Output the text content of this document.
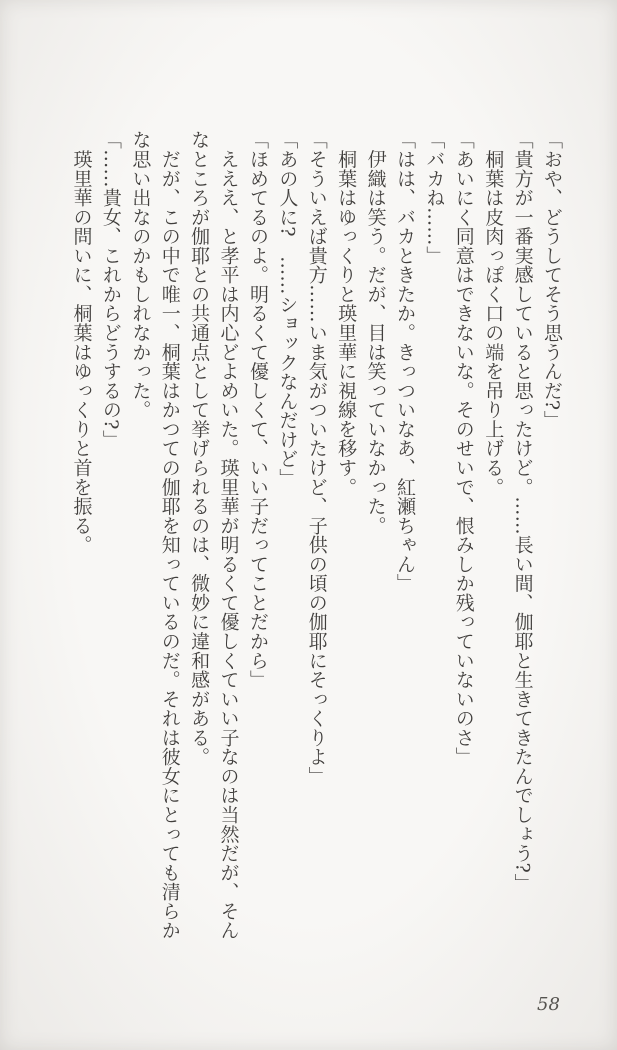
「おや、どうしてそう思うんだ?」

「貴方が一番実感していると思ったけど。……長い間、伽耶と生きてきたんでしょう?」

　桐葉は皮肉っぽく口の端を吊り上げる。

「あいにく同意はできないな。そのせいで、恨みしか残っていないのさ」

「バカね……」

「はは、バカときたか。きっついなあ、紅瀬ちゃん」

　伊織は笑う。だが、目は笑っていなかった。

　桐葉はゆっくりと瑛里華に視線を移す。

「そういえば貴方……いま気がついたけど、子供の頃の伽耶にそっくりよ」

「あの人に?　……ショックなんだけど」

「ほめてるのよ。明るくて優しくて、いい子だってことだから」

　えええ、と孝平は内心どよめいた。瑛里華が明るくて優しくていい子なのは当然だが、そんなところが伽耶との共通点として挙げられるのは、微妙に違和感がある。

　だが、この中で唯一、桐葉はかつての伽耶を知っているのだ。それは彼女にとっても清らかな思い出なのかもしれなかった。

「……貴女、これからどうするの?」

　瑛里華の問いに、桐葉はゆっくりと首を振る。

58
